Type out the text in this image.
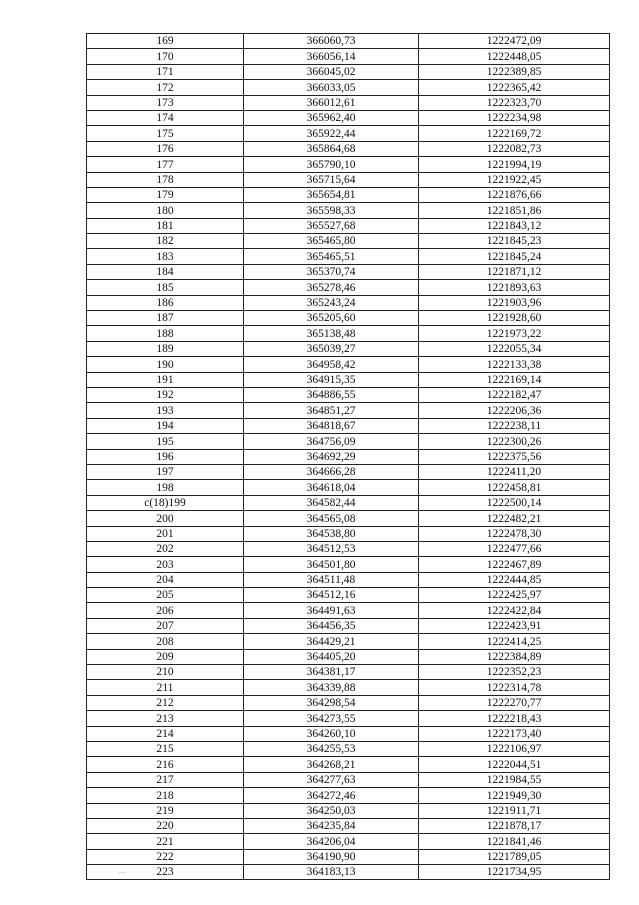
169	366060,73	1222472,09
170	366056,14	1222448,05
171	366045,02	1222389,85
172	366033,05	1222365,42
173	366012,61	1222323,70
174	365962,40	1222234,98
175	365922,44	1222169,72
176	365864,68	1222082,73
177	365790,10	1221994,19
178	365715,64	1221922,45
179	365654,81	1221876,66
180	365598,33	1221851,86
181	365527,68	1221843,12
182	365465,80	1221845,23
183	365465,51	1221845,24
184	365370,74	1221871,12
185	365278,46	1221893,63
186	365243,24	1221903,96
187	365205,60	1221928,60
188	365138,48	1221973,22
189	365039,27	1222055,34
190	364958,42	1222133,38
191	364915,35	1222169,14
192	364886,55	1222182,47
193	364851,27	1222206,36
194	364818,67	1222238,11
195	364756,09	1222300,26
196	364692,29	1222375,56
197	364666,28	1222411,20
198	364618,04	1222458,81
c(18)199	364582,44	1222500,14
200	364565,08	1222482,21
201	364538,80	1222478,30
202	364512,53	1222477,66
203	364501,80	1222467,89
204	364511,48	1222444,85
205	364512,16	1222425,97
206	364491,63	1222422,84
207	364456,35	1222423,91
208	364429,21	1222414,25
209	364405,20	1222384,89
210	364381,17	1222352,23
211	364339,88	1222314,78
212	364298,54	1222270,77
213	364273,55	1222218,43
214	364260,10	1222173,40
215	364255,53	1222106,97
216	364268,21	1222044,51
217	364277,63	1221984,55
218	364272,46	1221949,30
219	364250,03	1221911,71
220	364235,84	1221878,17
221	364206,04	1221841,46
222	364190,90	1221789,05
223	364183,13	1221734,95
